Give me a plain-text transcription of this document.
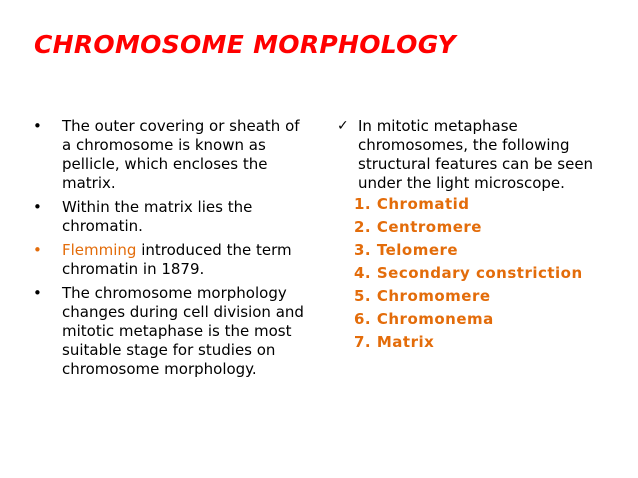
CHROMOSOME MORPHOLOGY
• The outer covering or sheath of a chromosome is known as pellicle, which encloses the matrix.
• Within the matrix lies the chromatin.
• Flemming introduced the term chromatin in 1879.
• The chromosome morphology changes during cell division and mitotic metaphase is the most suitable stage for studies on chromosome morphology.
✓ In mitotic metaphase chromosomes, the following structural features can be seen under the light microscope.
1. Chromatid
2. Centromere
3. Telomere
4. Secondary constriction
5. Chromomere
6. Chromonema
7. Matrix
